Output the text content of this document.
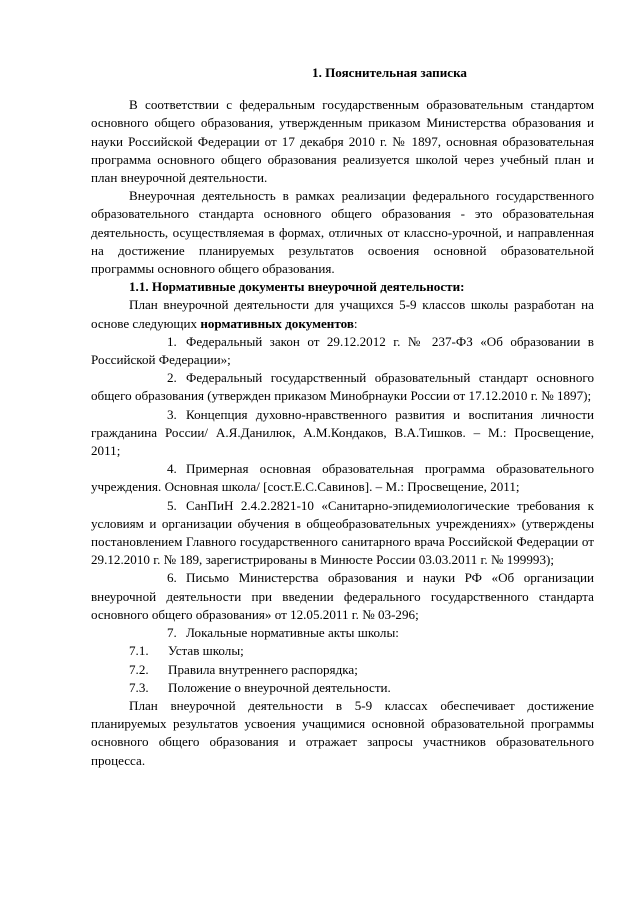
1. Пояснительная записка

В соответствии с федеральным государственным образовательным стандартом основного общего образования, утвержденным приказом Министерства образования и науки Российской Федерации от 17 декабря 2010 г. № 1897, основная образовательная программа основного общего образования реализуется школой через учебный план и план внеурочной деятельности.

Внеурочная деятельность в рамках реализации федерального государственного образовательного стандарта основного общего образования - это образовательная деятельность, осуществляемая в формах, отличных от классно-урочной, и направленная на достижение планируемых результатов освоения основной образовательной программы основного общего образования.

1.1. Нормативные документы внеурочной деятельности:

План внеурочной деятельности для учащихся 5-9 классов школы разработан на основе следующих нормативных документов:

1. Федеральный закон от 29.12.2012 г. № 237-ФЗ «Об образовании в Российской Федерации»;

2. Федеральный государственный образовательный стандарт основного общего образования (утвержден приказом Минобрнауки России от 17.12.2010 г. № 1897);

3. Концепция духовно-нравственного развития и воспитания личности гражданина России/ А.Я.Данилюк, А.М.Кондаков, В.А.Тишков. – М.: Просвещение, 2011;

4. Примерная основная образовательная программа образовательного учреждения. Основная школа/ [сост.Е.С.Савинов]. – М.: Просвещение, 2011;

5. СанПиН 2.4.2.2821-10 «Санитарно-эпидемиологические требования к условиям и организации обучения в общеобразовательных учреждениях» (утверждены постановлением Главного государственного санитарного врача Российской Федерации от 29.12.2010 г. № 189, зарегистрированы в Минюсте России 03.03.2011 г. № 199993);

6. Письмо Министерства образования и науки РФ «Об организации внеурочной деятельности при введении федерального государственного стандарта основного общего образования» от 12.05.2011 г. № 03-296;

7. Локальные нормативные акты школы:

7.1. Устав школы;

7.2. Правила внутреннего распорядка;

7.3. Положение о внеурочной деятельности.

План внеурочной деятельности в 5-9 классах обеспечивает достижение планируемых результатов усвоения учащимися основной образовательной программы основного общего образования и отражает запросы участников образовательного процесса.
